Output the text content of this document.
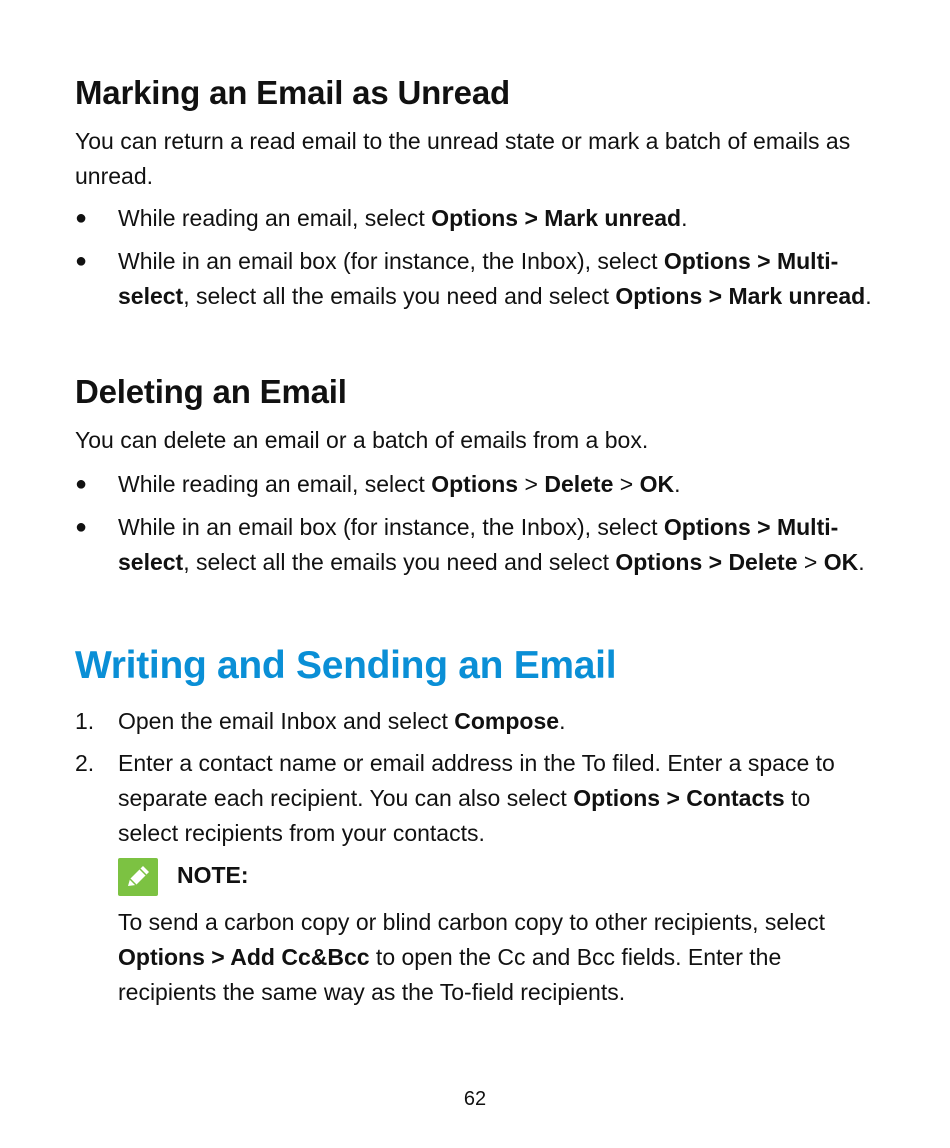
Marking an Email as Unread

You can return a read email to the unread state or mark a batch of emails as unread.

● While reading an email, select Options > Mark unread.
● While in an email box (for instance, the Inbox), select Options > Multi-select, select all the emails you need and select Options > Mark unread.
Deleting an Email

You can delete an email or a batch of emails from a box.

● While reading an email, select Options > Delete > OK.
● While in an email box (for instance, the Inbox), select Options > Multi-select, select all the emails you need and select Options > Delete > OK.
Writing and Sending an Email
1.	Open the email Inbox and select Compose.
2.	Enter a contact name or email address in the To filed. Enter a space to separate each recipient. You can also select Options > Contacts to select recipients from your contacts.
NOTE:
To send a carbon copy or blind carbon copy to other recipients, select Options > Add Cc&Bcc to open the Cc and Bcc fields. Enter the recipients the same way as the To-field recipients.
62
